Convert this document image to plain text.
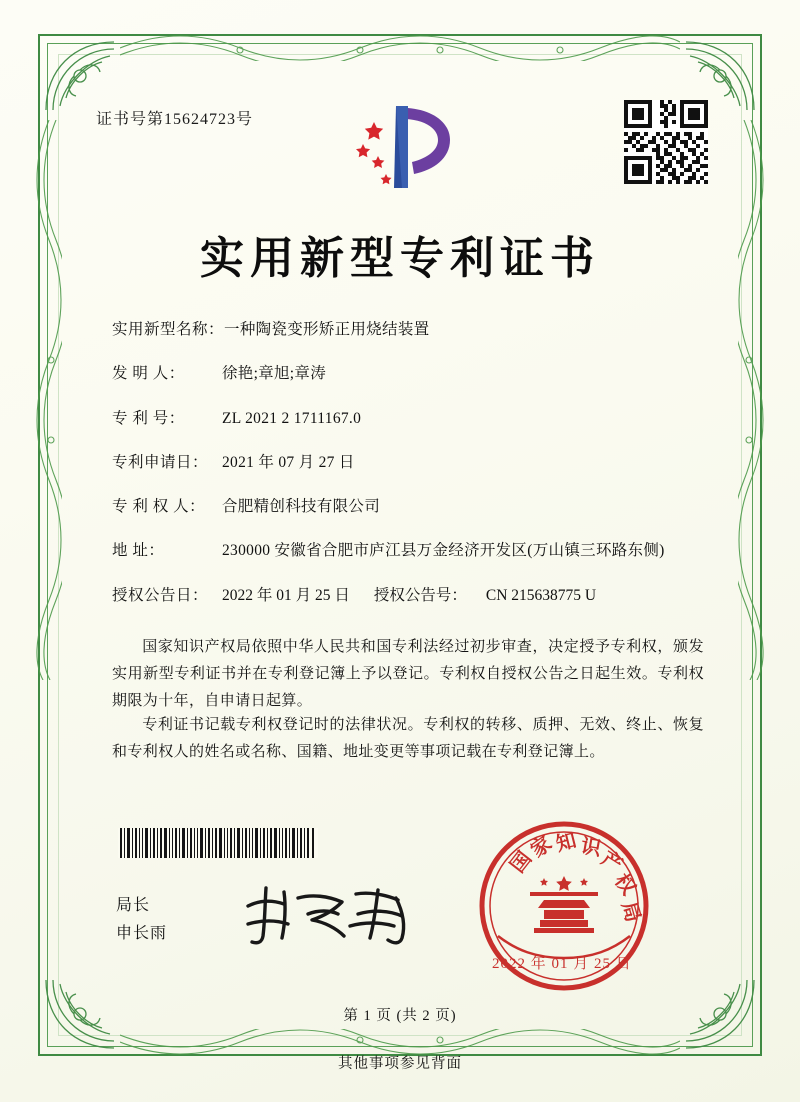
证书号第15624723号
实用新型专利证书
实用新型名称： 一种陶瓷变形矫正用烧结装置
发 明 人：	徐艳;章旭;章涛
专 利 号：	ZL 2021 2 1711167.0
专利申请日： 2021 年 07 月 27 日
专 利 权 人：	合肥精创科技有限公司
地 址：	230000 安徽省合肥市庐江县万金经济开发区(万山镇三环路东侧)
授权公告日： 2022 年 01 月 25 日 授权公告号：	CN 215638775 U
国家知识产权局依照中华人民共和国专利法经过初步审查，决定授予专利权，颁发实用新型专利证书并在专利登记簿上予以登记。专利权自授权公告之日起生效。专利权期限为十年，自申请日起算。
专利证书记载专利权登记时的法律状况。专利权的转移、质押、无效、终止、恢复和专利权人的姓名或名称、国籍、地址变更等事项记载在专利登记簿上。
局长
申长雨
国
家
知 识
产
权
局
2022 年 01 月 25 日
第 1 页 (共 2 页)
其他事项参见背面
